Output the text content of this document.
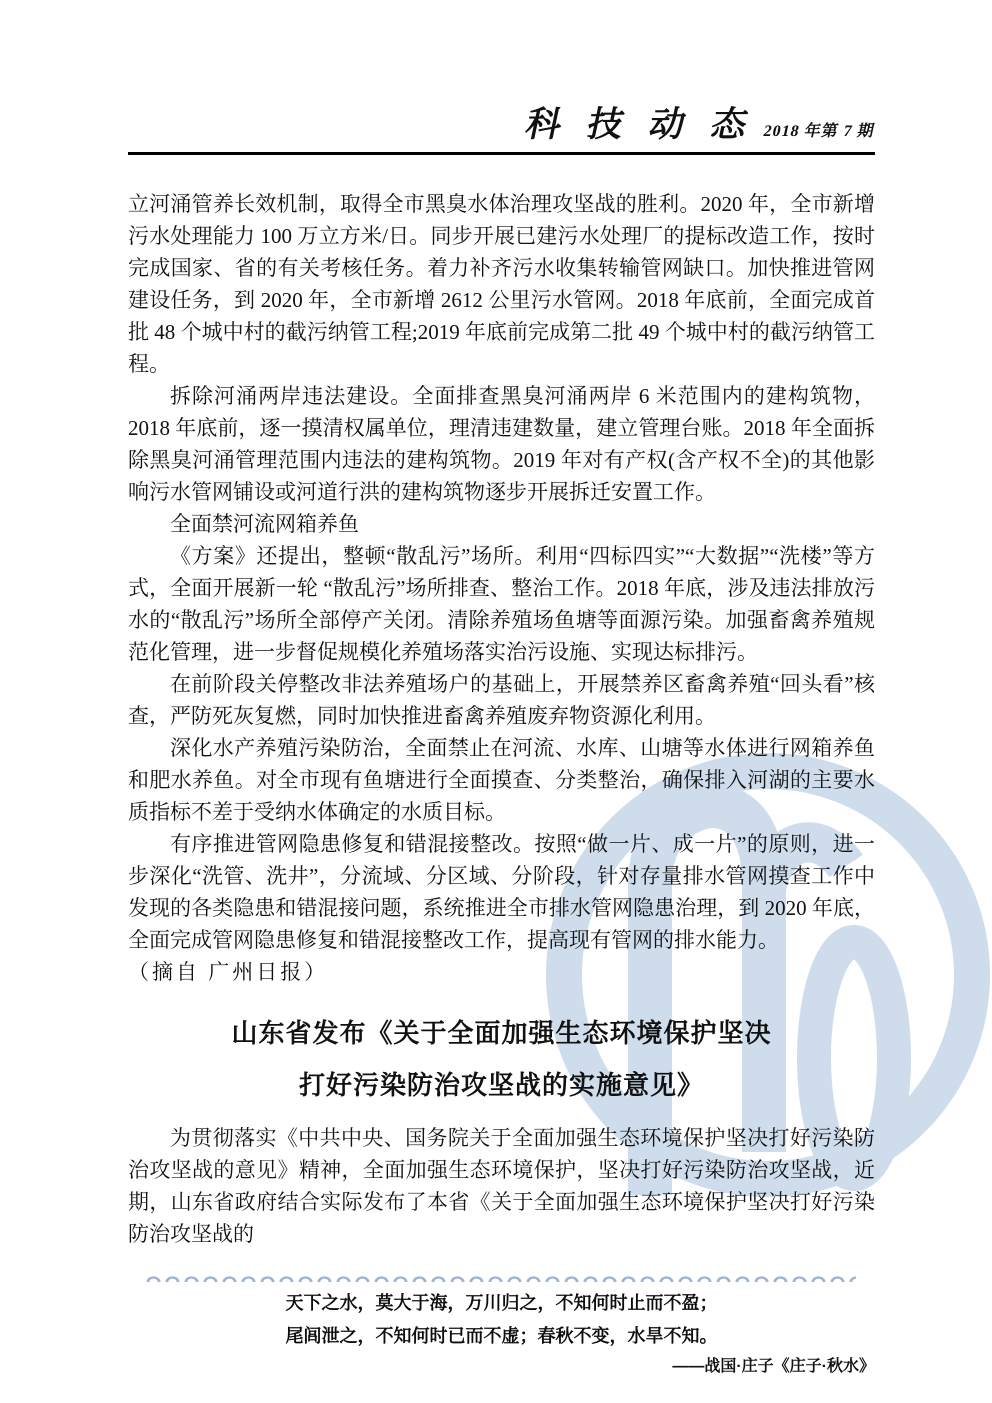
科 技 动 态 2018 年第 7 期

立河涌管养长效机制，取得全市黑臭水体治理攻坚战的胜利。2020 年，全市新增污水处理能力 100 万立方米/日。同步开展已建污水处理厂的提标改造工作，按时完成国家、省的有关考核任务。着力补齐污水收集转输管网缺口。加快推进管网建设任务，到 2020 年，全市新增 2612 公里污水管网。2018 年底前，全面完成首批 48 个城中村的截污纳管工程;2019 年底前完成第二批 49 个城中村的截污纳管工程。

拆除河涌两岸违法建设。全面排查黑臭河涌两岸 6 米范围内的建构筑物，2018 年底前，逐一摸清权属单位，理清违建数量，建立管理台账。2018 年全面拆除黑臭河涌管理范围内违法的建构筑物。2019 年对有产权(含产权不全)的其他影响污水管网铺设或河道行洪的建构筑物逐步开展拆迁安置工作。

全面禁河流网箱养鱼

《方案》还提出，整顿“散乱污”场所。利用“四标四实”“大数据”“洗楼”等方式，全面开展新一轮 “散乱污”场所排查、整治工作。2018 年底，涉及违法排放污水的“散乱污”场所全部停产关闭。清除养殖场鱼塘等面源污染。加强畜禽养殖规范化管理，进一步督促规模化养殖场落实治污设施、实现达标排污。

在前阶段关停整改非法养殖场户的基础上，开展禁养区畜禽养殖“回头看”核查，严防死灰复燃，同时加快推进畜禽养殖废弃物资源化利用。

深化水产养殖污染防治，全面禁止在河流、水库、山塘等水体进行网箱养鱼和肥水养鱼。对全市现有鱼塘进行全面摸查、分类整治，确保排入河湖的主要水质指标不差于受纳水体确定的水质目标。

有序推进管网隐患修复和错混接整改。按照“做一片、成一片”的原则，进一步深化“洗管、洗井”，分流域、分区域、分阶段，针对存量排水管网摸查工作中发现的各类隐患和错混接问题，系统推进全市排水管网隐患治理，到 2020 年底，全面完成管网隐患修复和错混接整改工作，提高现有管网的排水能力。

（摘自 广州日报）

山东省发布《关于全面加强生态环境保护坚决
打好污染防治攻坚战的实施意见》

为贯彻落实《中共中央、国务院关于全面加强生态环境保护坚决打好污染防治攻坚战的意见》精神，全面加强生态环境保护，坚决打好污染防治攻坚战，近期，山东省政府结合实际发布了本省《关于全面加强生态环境保护坚决打好污染防治攻坚战的

天下之水，莫大于海，万川归之，不知何时止而不盈；
尾闾泄之，不知何时已而不虚；春秋不变，水旱不知。
——战国·庄子《庄子·秋水》
